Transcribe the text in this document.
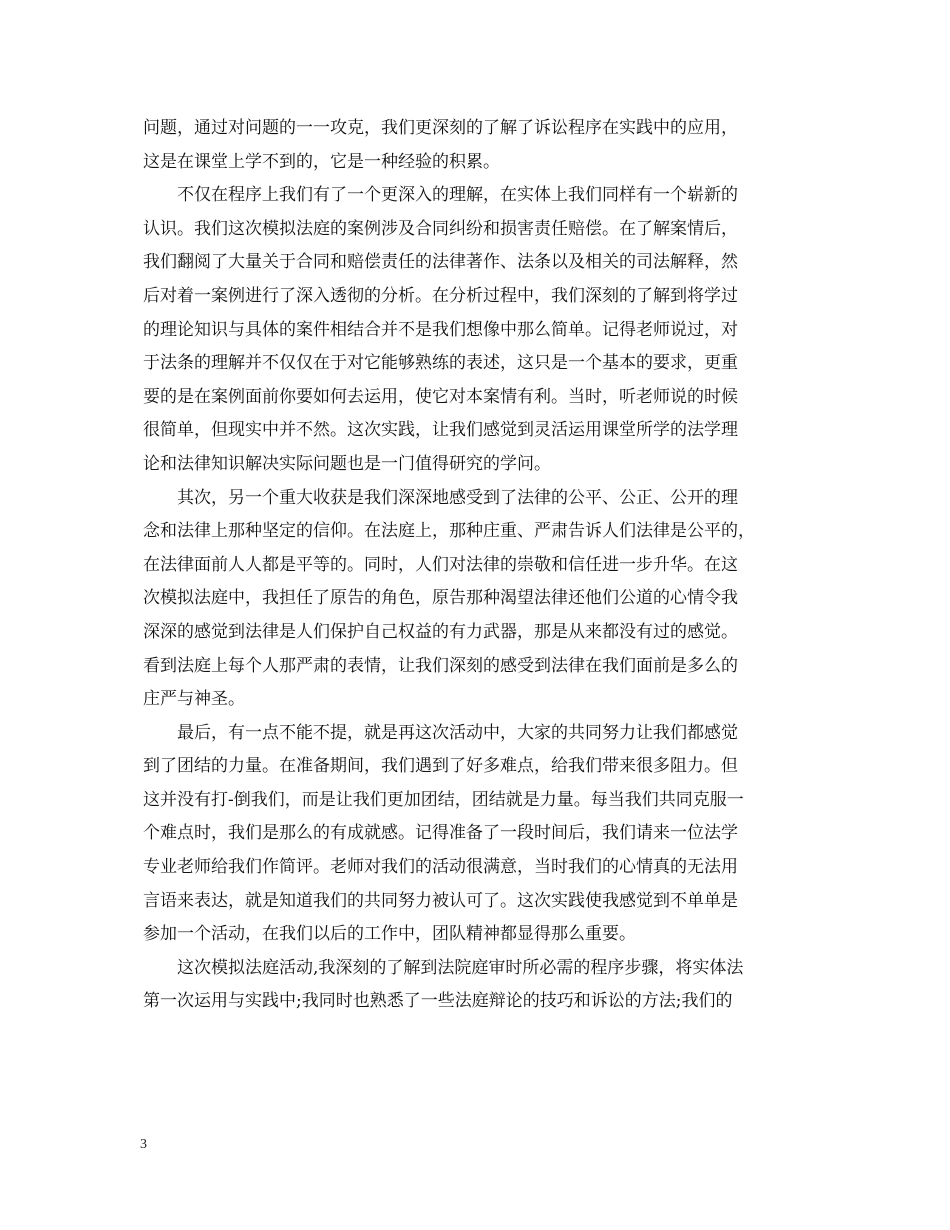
问题，通过对问题的一一攻克，我们更深刻的了解了诉讼程序在实践中的应用，
这是在课堂上学不到的，它是一种经验的积累。
　　不仅在程序上我们有了一个更深入的理解，在实体上我们同样有一个崭新的
认识。我们这次模拟法庭的案例涉及合同纠纷和损害责任赔偿。在了解案情后，
我们翻阅了大量关于合同和赔偿责任的法律著作、法条以及相关的司法解释，然
后对着一案例进行了深入透彻的分析。在分析过程中，我们深刻的了解到将学过
的理论知识与具体的案件相结合并不是我们想像中那么简单。记得老师说过，对
于法条的理解并不仅仅在于对它能够熟练的表述，这只是一个基本的要求，更重
要的是在案例面前你要如何去运用，使它对本案情有利。当时，听老师说的时候
很简单，但现实中并不然。这次实践，让我们感觉到灵活运用课堂所学的法学理
论和法律知识解决实际问题也是一门值得研究的学问。
　　其次，另一个重大收获是我们深深地感受到了法律的公平、公正、公开的理
念和法律上那种坚定的信仰。在法庭上，那种庄重、严肃告诉人们法律是公平的，
在法律面前人人都是平等的。同时，人们对法律的崇敬和信任进一步升华。在这
次模拟法庭中，我担任了原告的角色，原告那种渴望法律还他们公道的心情令我
深深的感觉到法律是人们保护自己权益的有力武器，那是从来都没有过的感觉。
看到法庭上每个人那严肃的表情，让我们深刻的感受到法律在我们面前是多么的
庄严与神圣。
　　最后，有一点不能不提，就是再这次活动中，大家的共同努力让我们都感觉
到了团结的力量。在准备期间，我们遇到了好多难点，给我们带来很多阻力。但
这并没有打-倒我们，而是让我们更加团结，团结就是力量。每当我们共同克服一
个难点时，我们是那么的有成就感。记得准备了一段时间后，我们请来一位法学
专业老师给我们作简评。老师对我们的活动很满意，当时我们的心情真的无法用
言语来表达，就是知道我们的共同努力被认可了。这次实践使我感觉到不单单是
参加一个活动，在我们以后的工作中，团队精神都显得那么重要。
　　这次模拟法庭活动,我深刻的了解到法院庭审时所必需的程序步骤，将实体法
第一次运用与实践中;我同时也熟悉了一些法庭辩论的技巧和诉讼的方法;我们的
3
